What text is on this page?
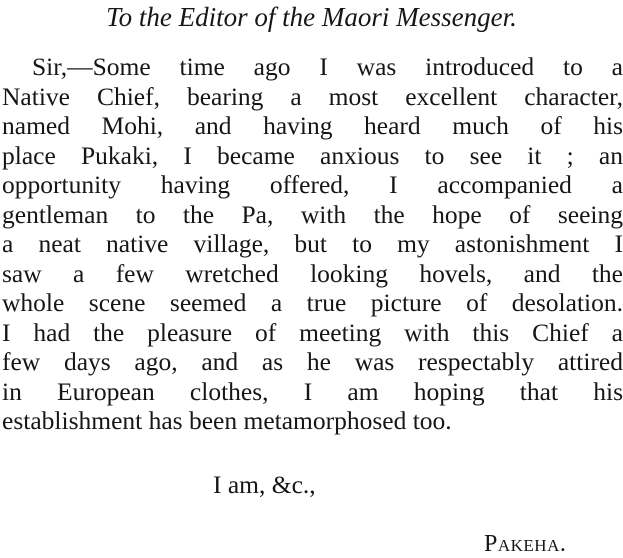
To the Editor of the Maori Messenger.
Sir,—Some time ago I was introduced to a
Native Chief, bearing a most excellent character,
named Mohi, and having heard much of his
place Pukaki, I became anxious to see it ; an
opportunity having offered, I accompanied a
gentleman to the Pa, with the hope of seeing
a neat native village, but to my astonishment I
saw a few wretched looking hovels, and the
whole scene seemed a true picture of desolation.
I had the pleasure of meeting with this Chief a
few days ago, and as he was respectably attired
in European clothes, I am hoping that his
establishment has been metamorphosed too.
I am, &c.,
Pakeha.
